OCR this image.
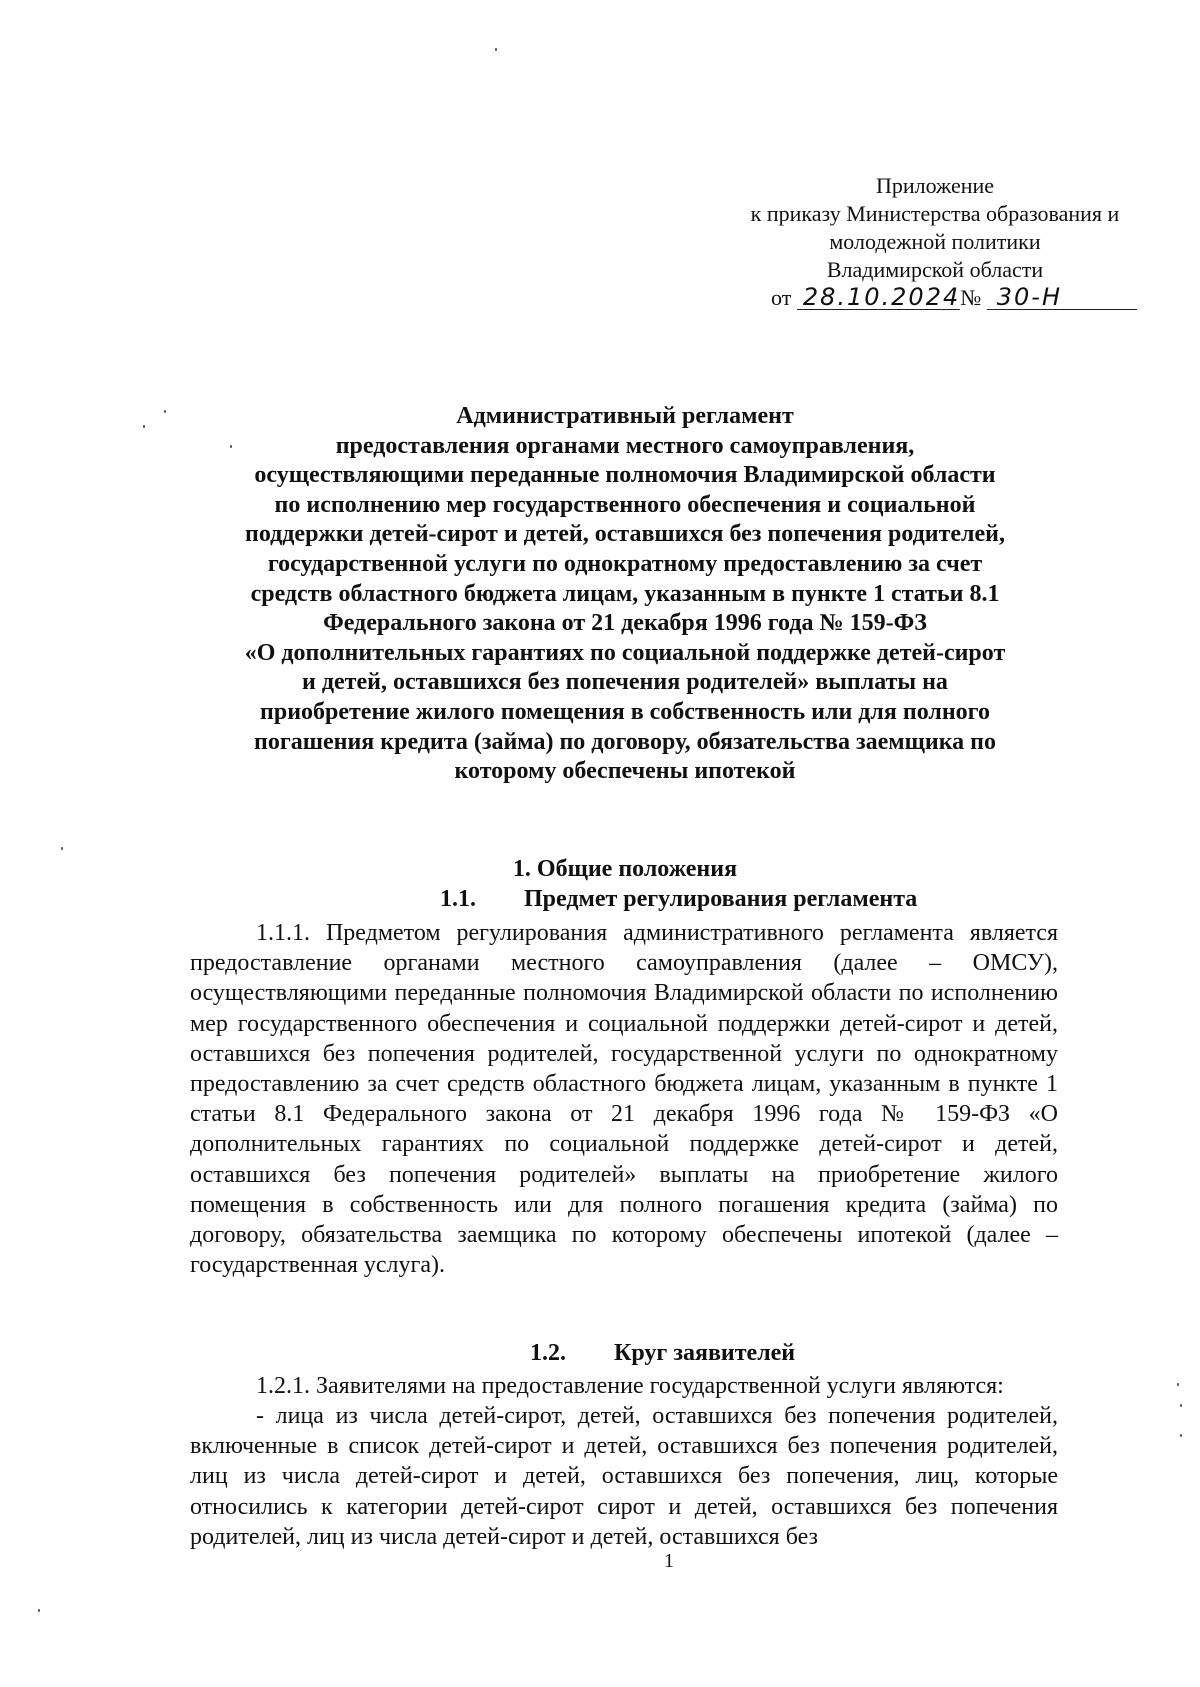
Приложение
к приказу Министерства образования и
молодежной политики
Владимирской области
от 28.10.2024№ 30-Н
Административный регламент
предоставления органами местного самоуправления,
осуществляющими переданные полномочия Владимирской области
по исполнению мер государственного обеспечения и социальной
поддержки детей-сирот и детей, оставшихся без попечения родителей,
государственной услуги по однократному предоставлению за счет
средств областного бюджета лицам, указанным в пункте 1 статьи 8.1
Федерального закона от 21 декабря 1996 года № 159-ФЗ
«О дополнительных гарантиях по социальной поддержке детей-сирот
и детей, оставшихся без попечения родителей» выплаты на
приобретение жилого помещения в собственность или для полного
погашения кредита (займа) по договору, обязательства заемщика по
которому обеспечены ипотекой
1. Общие положения
1.1. Предмет регулирования регламента

1.1.1. Предметом регулирования административного регламента является предоставление органами местного самоуправления (далее – ОМСУ), осуществляющими переданные полномочия Владимирской области по исполнению мер государственного обеспечения и социальной поддержки детей-сирот и детей, оставшихся без попечения родителей, государственной услуги по однократному предоставлению за счет средств областного бюджета лицам, указанным в пункте 1 статьи 8.1 Федерального закона от 21 декабря 1996 года № 159-ФЗ «О дополнительных гарантиях по социальной поддержке детей-сирот и детей, оставшихся без попечения родителей» выплаты на приобретение жилого помещения в собственность или для полного погашения кредита (займа) по договору, обязательства заемщика по которому обеспечены ипотекой (далее – государственная услуга).

1.2. Круг заявителей

1.2.1. Заявителями на предоставление государственной услуги являются:

- лица из числа детей-сирот, детей, оставшихся без попечения родителей, включенные в список детей-сирот и детей, оставшихся без попечения родителей, лиц из числа детей-сирот и детей, оставшихся без попечения, лиц, которые относились к категории детей-сирот сирот и детей, оставшихся без попечения родителей, лиц из числа детей-сирот и детей, оставшихся без

1
